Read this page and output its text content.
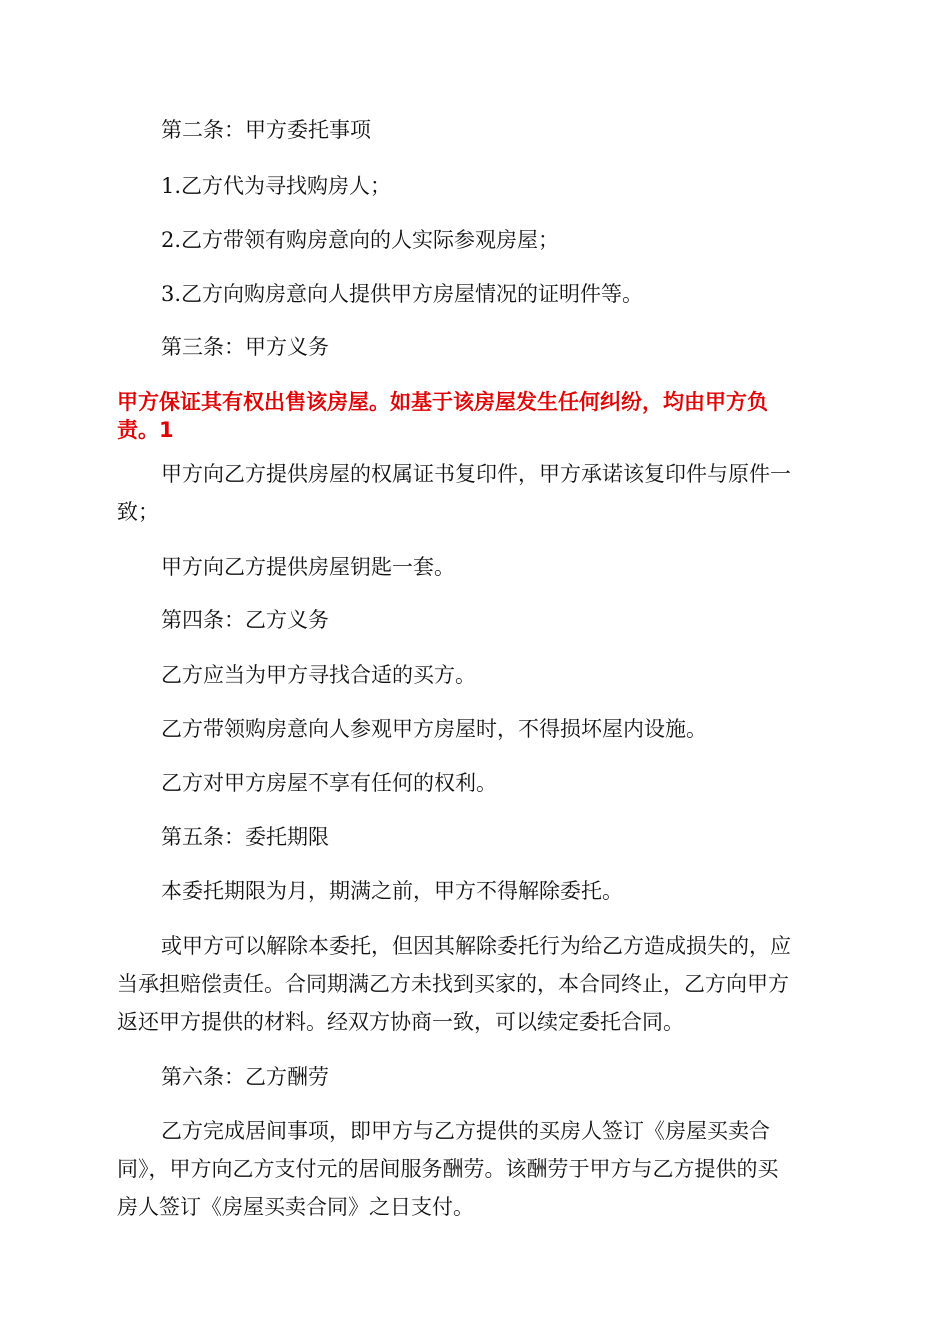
第二条：甲方委托事项
1.乙方代为寻找购房人；
2.乙方带领有购房意向的人实际参观房屋；
3.乙方向购房意向人提供甲方房屋情况的证明件等。
第三条：甲方义务
甲方保证其有权出售该房屋。如基于该房屋发生任何纠纷，均由甲方负
责。1
甲方向乙方提供房屋的权属证书复印件，甲方承诺该复印件与原件一
致；
甲方向乙方提供房屋钥匙一套。
第四条：乙方义务
乙方应当为甲方寻找合适的买方。
乙方带领购房意向人参观甲方房屋时，不得损坏屋内设施。
乙方对甲方房屋不享有任何的权利。
第五条：委托期限
本委托期限为月，期满之前，甲方不得解除委托。
或甲方可以解除本委托，但因其解除委托行为给乙方造成损失的，应
当承担赔偿责任。合同期满乙方未找到买家的，本合同终止，乙方向甲方
返还甲方提供的材料。经双方协商一致，可以续定委托合同。
第六条：乙方酬劳
乙方完成居间事项，即甲方与乙方提供的买房人签订《房屋买卖合
同》，甲方向乙方支付元的居间服务酬劳。该酬劳于甲方与乙方提供的买
房人签订《房屋买卖合同》之日支付。
